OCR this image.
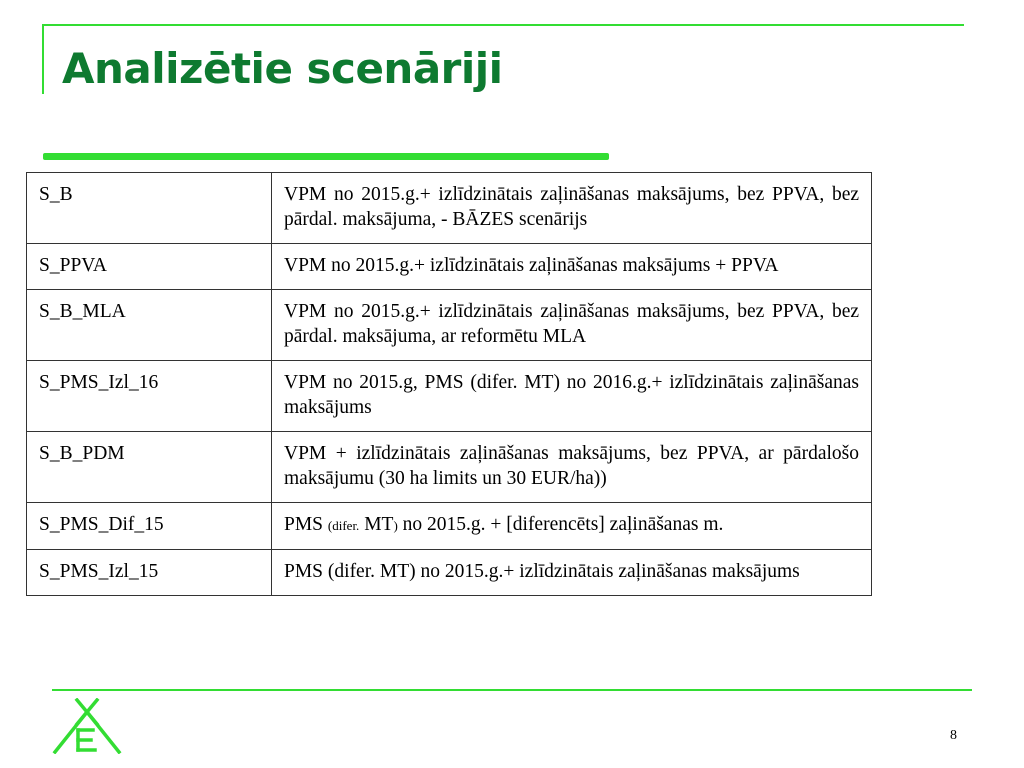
Analizētie scenāriji
S_B	VPM no 2015.g.+ izlīdzinātais zaļināšanas maksājums, bez PPVA, bez pārdal. maksājuma, - BĀZES scenārijs
S_PPVA	VPM no 2015.g.+ izlīdzinātais zaļināšanas maksājums + PPVA
S_B_MLA	VPM no 2015.g.+ izlīdzinātais zaļināšanas maksājums, bez PPVA, bez pārdal. maksājuma, ar reformētu MLA
S_PMS_Izl_16	VPM no 2015.g, PMS (difer. MT) no 2016.g.+ izlīdzinātais zaļināšanas maksājums
S_B_PDM	VPM + izlīdzinātais zaļināšanas maksājums, bez PPVA, ar pārdalošo maksājumu (30 ha limits un 30 EUR/ha))
S_PMS_Dif_15	PMS (difer. MT) no 2015.g. + [diferencēts] zaļināšanas m.
S_PMS_Izl_15	PMS (difer. MT) no 2015.g.+ izlīdzinātais zaļināšanas maksājums
8
